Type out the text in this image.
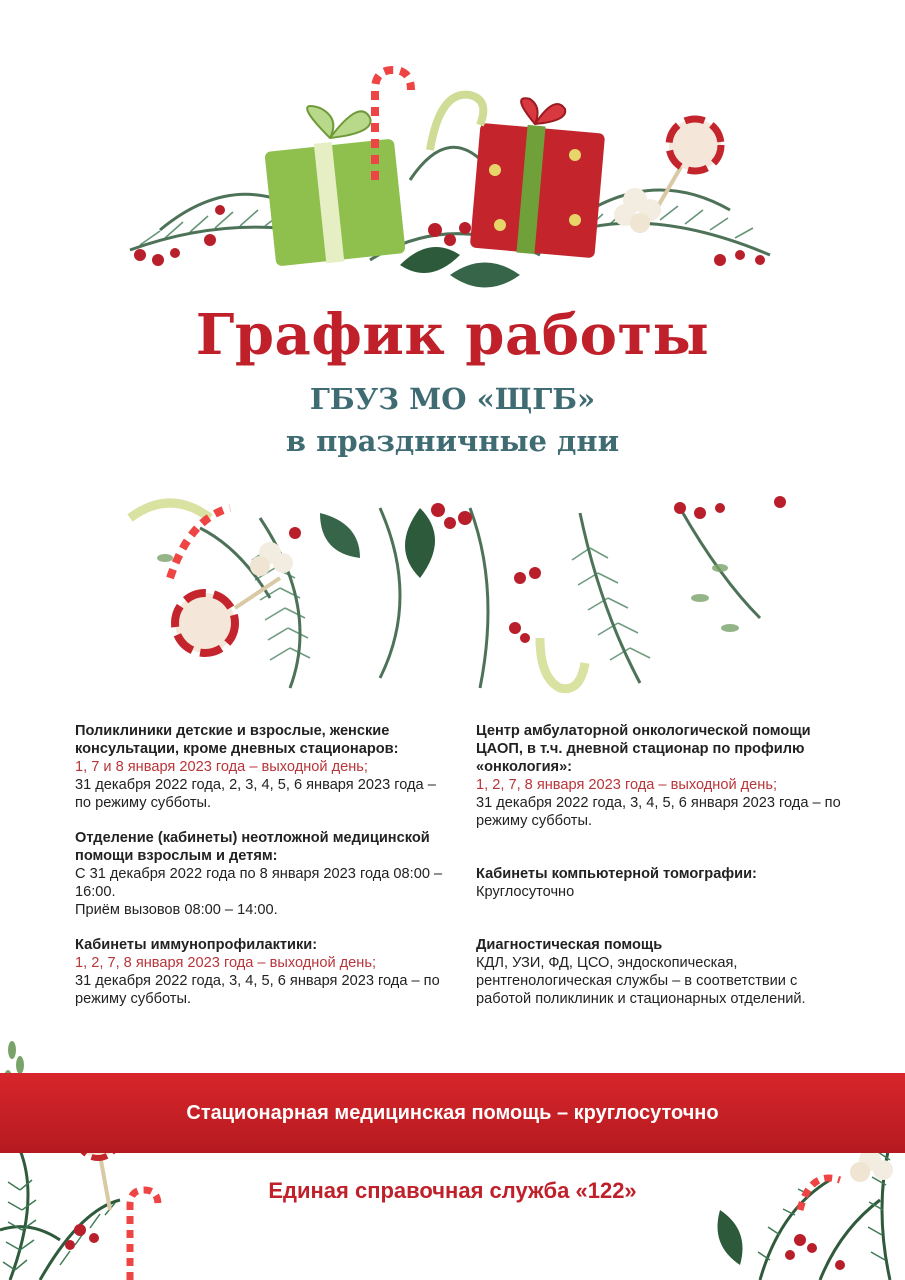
График работы
ГБУЗ МО «ЩГБ»
в праздничные дни
Поликлиники детские и взрослые, женские консультации, кроме дневных стационаров:
1, 7 и 8 января 2023 года – выходной день;
31 декабря 2022 года, 2, 3, 4, 5, 6 января 2023 года – по режиму субботы.
Отделение (кабинеты) неотложной медицинской помощи взрослым и детям:
С 31 декабря 2022 года по 8 января 2023 года 08:00 – 16:00.
Приём вызовов 08:00 – 14:00.
Кабинеты иммунопрофилактики:
1, 2, 7, 8 января 2023 года – выходной день;
31 декабря 2022 года, 3, 4, 5, 6 января 2023 года – по режиму субботы.
Центр амбулаторной онкологической помощи ЦАОП, в т.ч. дневной стационар по профилю «онкология»:
1, 2, 7, 8 января 2023 года – выходной день;
31 декабря 2022 года, 3, 4, 5, 6 января 2023 года – по режиму субботы.
Кабинеты компьютерной томографии:
Круглосуточно
Диагностическая помощь
КДЛ, УЗИ, ФД, ЦСО, эндоскопическая, рентгенологическая службы – в соответствии с работой поликлиник и стационарных отделений.
Стационарная медицинская помощь – круглосуточно
Единая справочная служба «122»
